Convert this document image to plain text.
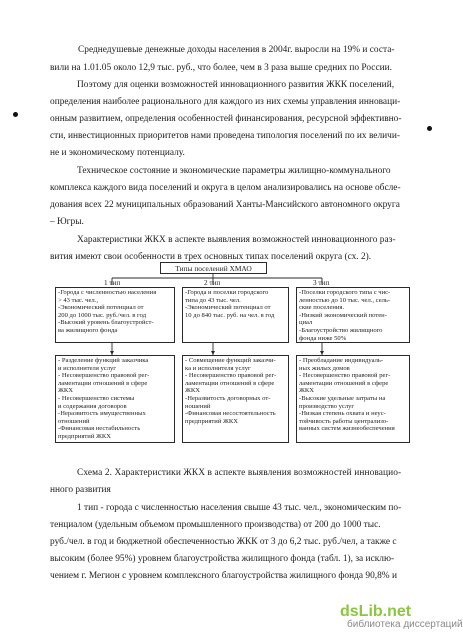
Среднедушевые денежные доходы населения в 2004г. выросли на 19% и соста-
вили на 1.01.05 около 12,9 тыс. руб., что более, чем в 3 раза выше средних по России.
Поэтому для оценки возможностей инновационного развития ЖКК поселений,
определения наиболее рационального для каждого из них схемы управления инноваци-
онным развитием, определения особенностей финансирования, ресурсной эффективно-
сти, инвестиционных приоритетов нами проведена типология поселений по их величи-
не и экономическому потенциалу.
Техническое состояние и экономические параметры жилищно-коммунального
комплекса каждого вида поселений и округа в целом анализировались на основе обсле-
дования всех 22 муниципальных образований Ханты-Мансийского автономного округа
– Югры.
Характеристики ЖКХ в аспекте выявления возможностей инновационного раз-
вития имеют свои особенности в трех основных типах поселений округа (сх. 2).
Типы поселений ХМАО
1 тип	2 тип	3 тип
-Города с численностью населения
> 43 тыс. чел.,
-Экономический потенциал от
200 до 1000 тыс. руб./чел. в год
-Высокий уровень благоустройст-
ва жилищного фонда
-Города и поселки городского
типа до 43 тыс. чел.
-Экономический потенциал от
10 до 840 тыс. руб. на чел. в год
-Поселки городского типа с чис-
ленностью до 10 тыс. чел., сель-
ские поселения.
-Низкий экономический потен-
циал
-Благоустройство жилищного
фонда ниже 50%
- Разделение функций заказчика
и исполнителя услуг
- Несовершенство правовой рег-
ламентации отношений в сфере
ЖКХ
- Несовершенство системы
и содержания договоров
-Неразвитость имущественных
отношений
-Финансовая нестабильность
предприятий ЖКХ
- Совмещение функций заказчи-
ка и исполнителя услуг
- Несовершенство правовой рег-
ламентации отношений в сфере
ЖКХ
-Неразвитость договорных от-
ношений
-Финансовая несостоятельность
предприятий ЖКХ
- Преобладание индивидуаль-
ных жилых домов
- Несовершенство правовой рег-
ламентации отношений в сфере
ЖКХ
-Высокие удельные затраты на
производство услуг
-Низкая степень охвата и неус-
тойчивость работы централизо-
ванных систем жизнеобеспечения
Схема 2. Характеристики ЖКХ в аспекте выявления возможностей инновацио-
нного развития
1 тип - города с численностью населения свыше 43 тыс. чел., экономическим по-
тенциалом (удельным объемом промышленного производства) от 200 до 1000 тыс.
руб./чел. в год и бюджетной обеспеченностью ЖКК от 3 до 6,2 тыс. руб./чел, а также с
высоким (более 95%) уровнем благоустройства жилищного фонда (табл. 1), за исклю-
чением г. Мегион с уровнем комплексного благоустройства жилищного фонда 90,8% и
dsLib.net
библиотека диссертаций
